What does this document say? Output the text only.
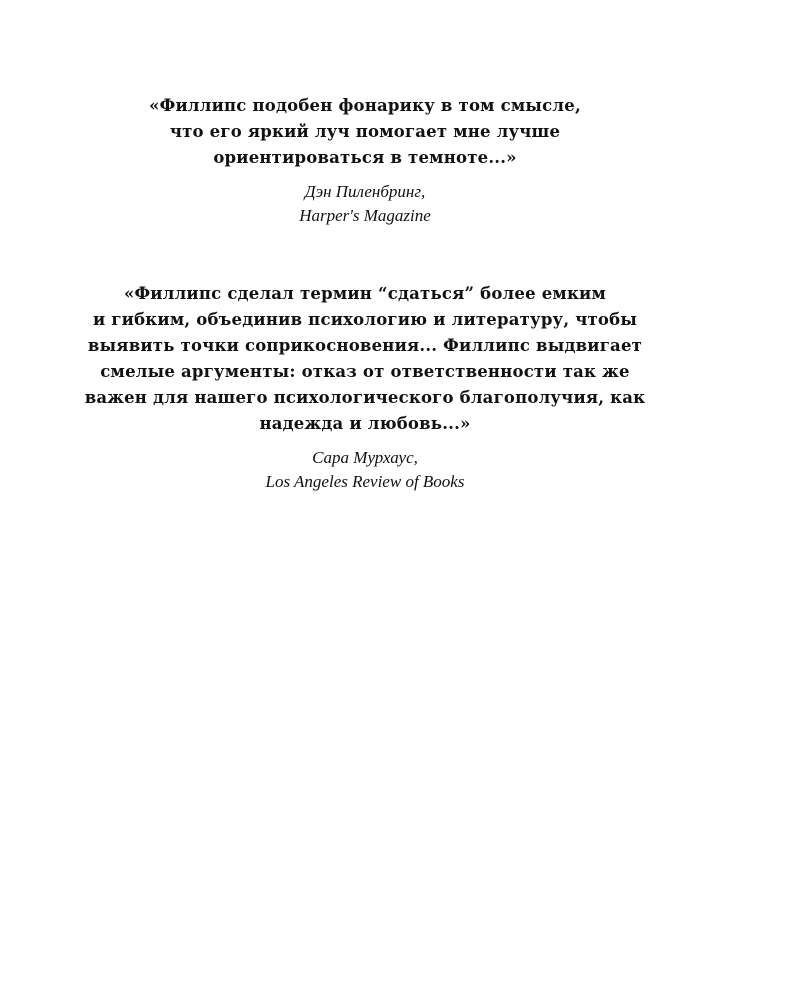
«Филлипс подобен фонарику в том смысле,
что его яркий луч помогает мне лучше
ориентироваться в темноте...»
Дэн Пиленбринг,
Harper's Magazine
«Филлипс сделал термин “сдаться” более емким
и гибким, объединив психологию и литературу, чтобы
выявить точки соприкосновения... Филлипс выдвигает
смелые аргументы: отказ от ответственности так же
важен для нашего психологического благополучия, как
надежда и любовь...»
Сара Мурхаус,
Los Angeles Review of Books
